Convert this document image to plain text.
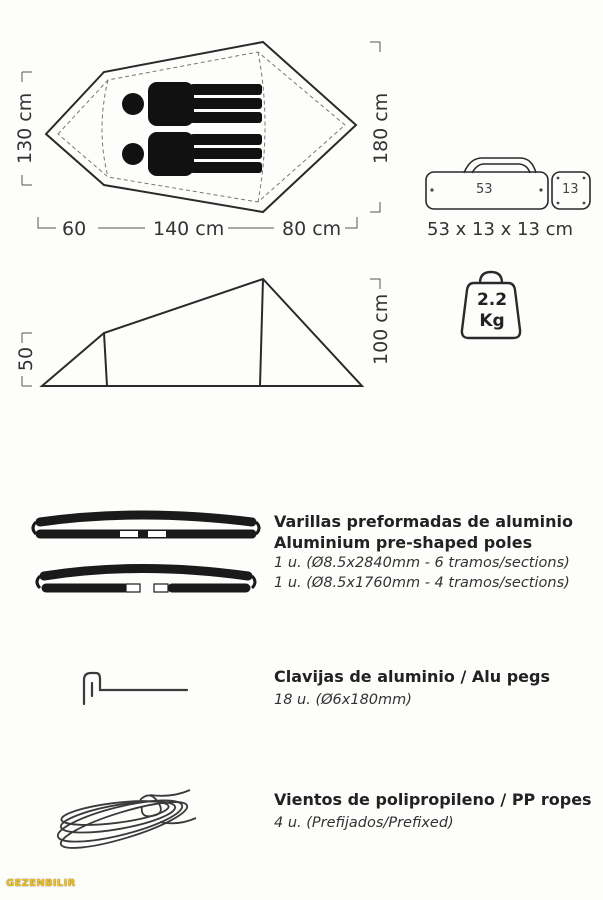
130 cm	180 cm
60	140 cm	80 cm
50	100 cm
53	13
53 x 13 x 13 cm
2.2
Kg
Varillas preformadas de aluminio
Aluminium pre-shaped poles
1 u. (Ø8.5x2840mm - 6 tramos/sections)
1 u. (Ø8.5x1760mm - 4 tramos/sections)
Clavijas de aluminio / Alu pegs
18 u. (Ø6x180mm)
Vientos de polipropileno / PP ropes
4 u. (Prefijados/Prefixed)
GEZENBILIR
